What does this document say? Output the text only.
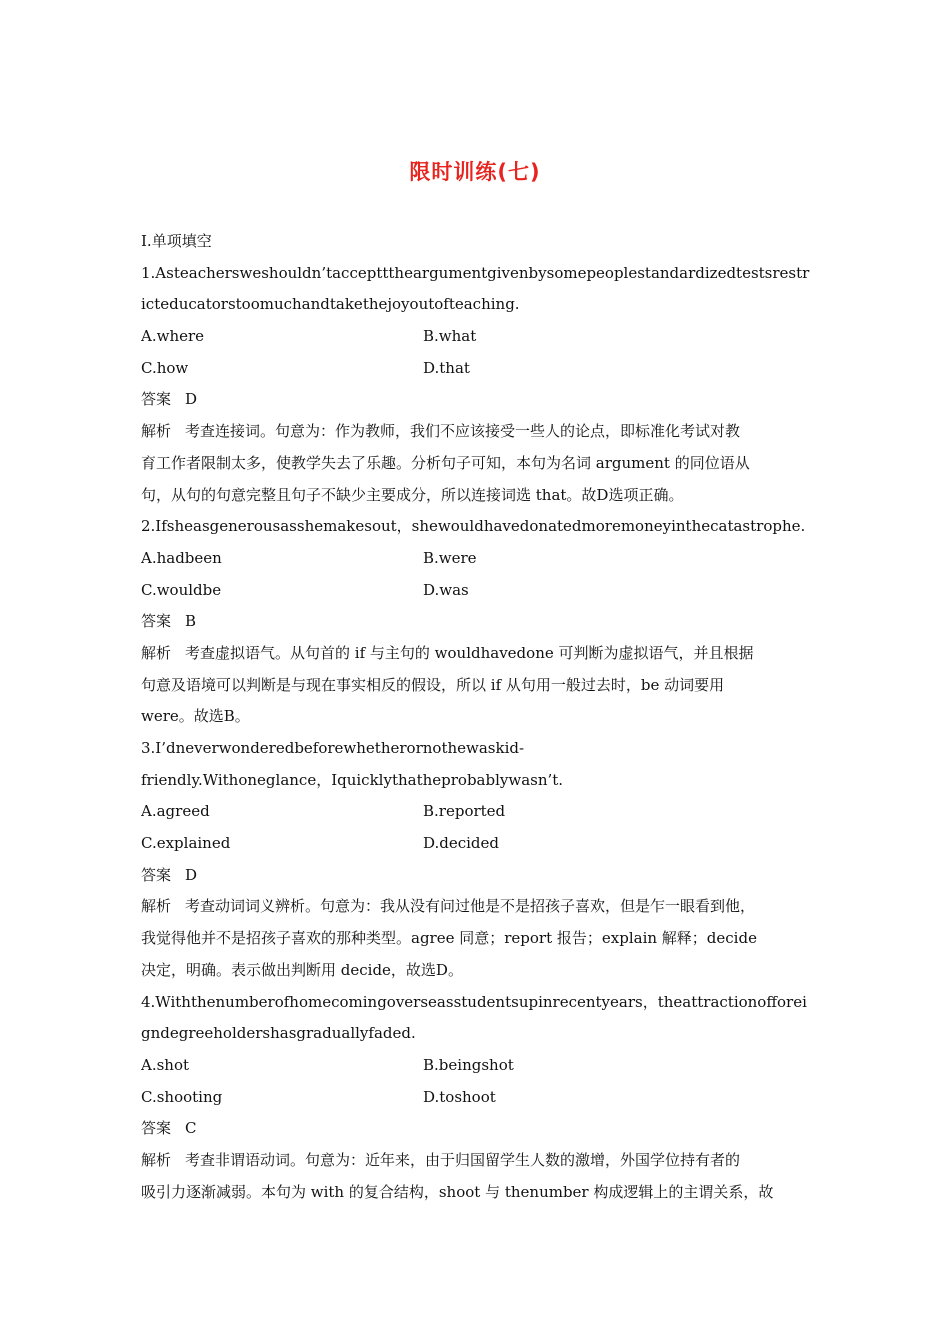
限时训练(七)
Ⅰ.单项填空
1.Asteachersweshouldn’tacceptttheargumentgivenbysomepeoplestandardizedtestsrestr
icteducatorstoomuchandtakethejoyoutofteaching.
A.where	B.what
C.how	D.that
答案 D
解析 考查连接词。句意为：作为教师，我们不应该接受一些人的论点，即标准化考试对教
育工作者限制太多，使教学失去了乐趣。分析句子可知，本句为名词 argument 的同位语从
句，从句的句意完整且句子不缺少主要成分，所以连接词选 that。故D选项正确。
2.Ifsheasgenerousasshemakesout，shewouldhavedonatedmoremoneyinthecatastrophe.
A.hadbeen	B.were
C.wouldbe	D.was
答案 B
解析 考查虚拟语气。从句首的 if 与主句的 wouldhavedone 可判断为虚拟语气，并且根据
句意及语境可以判断是与现在事实相反的假设，所以 if 从句用一般过去时，be 动词要用
were。故选B。
3.I’dneverwonderedbeforewhetherornothewaskid-
friendly.Withoneglance，Iquicklythatheprobablywasn’t.
A.agreed	B.reported
C.explained	D.decided
答案 D
解析 考查动词词义辨析。句意为：我从没有问过他是不是招孩子喜欢，但是乍一眼看到他，
我觉得他并不是招孩子喜欢的那种类型。agree 同意；report 报告；explain 解释；decide
决定，明确。表示做出判断用 decide，故选D。
4.Withthenumberofhomecomingoverseasstudentsupinrecentyears，theattractionofforei
gndegreeholdershasgraduallyfaded.
A.shot	B.beingshot
C.shooting	D.toshoot
答案 C
解析 考查非谓语动词。句意为：近年来，由于归国留学生人数的激增，外国学位持有者的
吸引力逐渐减弱。本句为 with 的复合结构，shoot 与 thenumber 构成逻辑上的主谓关系，故
